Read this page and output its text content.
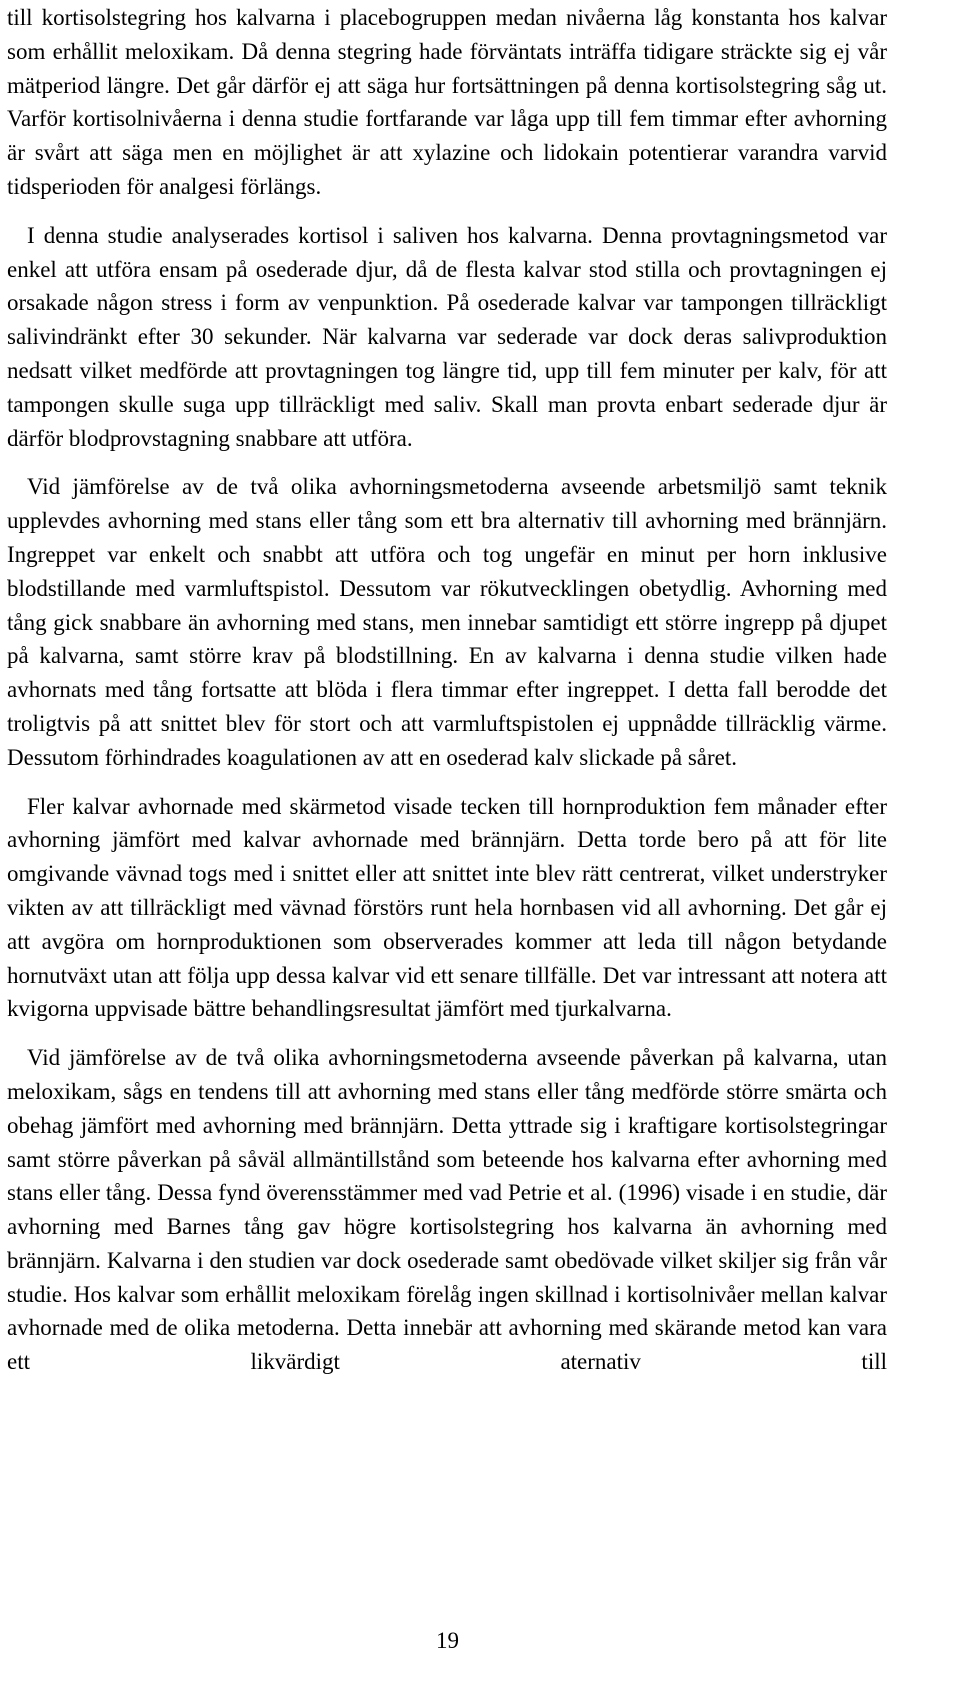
till kortisolstegring hos kalvarna i placebogruppen medan nivåerna låg konstanta hos kalvar som erhållit meloxikam. Då denna stegring hade förväntats inträffa tidigare sträckte sig ej vår mätperiod längre. Det går därför ej att säga hur fortsättningen på denna kortisolstegring såg ut. Varför kortisolnivåerna i denna studie fortfarande var låga upp till fem timmar efter avhorning är svårt att säga men en möjlighet är att xylazine och lidokain potentierar varandra varvid tidsperioden för analgesi förlängs.

I denna studie analyserades kortisol i saliven hos kalvarna. Denna provtagningsmetod var enkel att utföra ensam på osederade djur, då de flesta kalvar stod stilla och provtagningen ej orsakade någon stress i form av venpunktion. På osederade kalvar var tampongen tillräckligt salivindränkt efter 30 sekunder. När kalvarna var sederade var dock deras salivproduktion nedsatt vilket medförde att provtagningen tog längre tid, upp till fem minuter per kalv, för att tampongen skulle suga upp tillräckligt med saliv. Skall man provta enbart sederade djur är därför blodprovstagning snabbare att utföra.

Vid jämförelse av de två olika avhorningsmetoderna avseende arbetsmiljö samt teknik upplevdes avhorning med stans eller tång som ett bra alternativ till avhorning med brännjärn. Ingreppet var enkelt och snabbt att utföra och tog ungefär en minut per horn inklusive blodstillande med varmluftspistol. Dessutom var rökutvecklingen obetydlig. Avhorning med tång gick snabbare än avhorning med stans, men innebar samtidigt ett större ingrepp på djupet på kalvarna, samt större krav på blodstillning. En av kalvarna i denna studie vilken hade avhornats med tång fortsatte att blöda i flera timmar efter ingreppet. I detta fall berodde det troligtvis på att snittet blev för stort och att varmluftspistolen ej uppnådde tillräcklig värme. Dessutom förhindrades koagulationen av att en osederad kalv slickade på såret.

Fler kalvar avhornade med skärmetod visade tecken till hornproduktion fem månader efter avhorning jämfört med kalvar avhornade med brännjärn. Detta torde bero på att för lite omgivande vävnad togs med i snittet eller att snittet inte blev rätt centrerat, vilket understryker vikten av att tillräckligt med vävnad förstörs runt hela hornbasen vid all avhorning. Det går ej att avgöra om hornproduktionen som observerades kommer att leda till någon betydande hornutväxt utan att följa upp dessa kalvar vid ett senare tillfälle. Det var intressant att notera att kvigorna uppvisade bättre behandlingsresultat jämfört med tjurkalvarna.

Vid jämförelse av de två olika avhorningsmetoderna avseende påverkan på kalvarna, utan meloxikam, sågs en tendens till att avhorning med stans eller tång medförde större smärta och obehag jämfört med avhorning med brännjärn. Detta yttrade sig i kraftigare kortisolstegringar samt större påverkan på såväl allmäntillstånd som beteende hos kalvarna efter avhorning med stans eller tång. Dessa fynd överensstämmer med vad Petrie et al. (1996) visade i en studie, där avhorning med Barnes tång gav högre kortisolstegring hos kalvarna än avhorning med brännjärn. Kalvarna i den studien var dock osederade samt obedövade vilket skiljer sig från vår studie. Hos kalvar som erhållit meloxikam förelåg ingen skillnad i kortisolnivåer mellan kalvar avhornade med de olika metoderna. Detta innebär att avhorning med skärande metod kan vara ett likvärdigt aternativ till

19
